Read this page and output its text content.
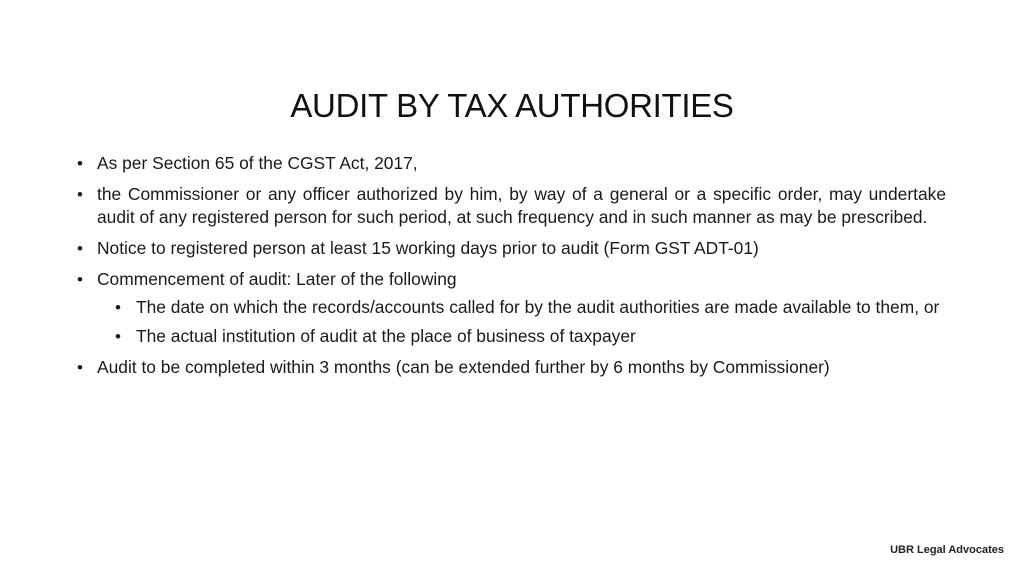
AUDIT BY TAX AUTHORITIES
• As per Section 65 of the CGST Act, 2017,
• the Commissioner or any officer authorized by him, by way of a general or a specific order, may undertake audit of any registered person for such period, at such frequency and in such manner as may be prescribed.
• Notice to registered person at least 15 working days prior to audit (Form GST ADT-01)
• Commencement of audit: Later of the following
• The date on which the records/accounts called for by the audit authorities are made available to them, or
• The actual institution of audit at the place of business of taxpayer
• Audit to be completed within 3 months (can be extended further by 6 months by Commissioner)
UBR Legal Advocates
